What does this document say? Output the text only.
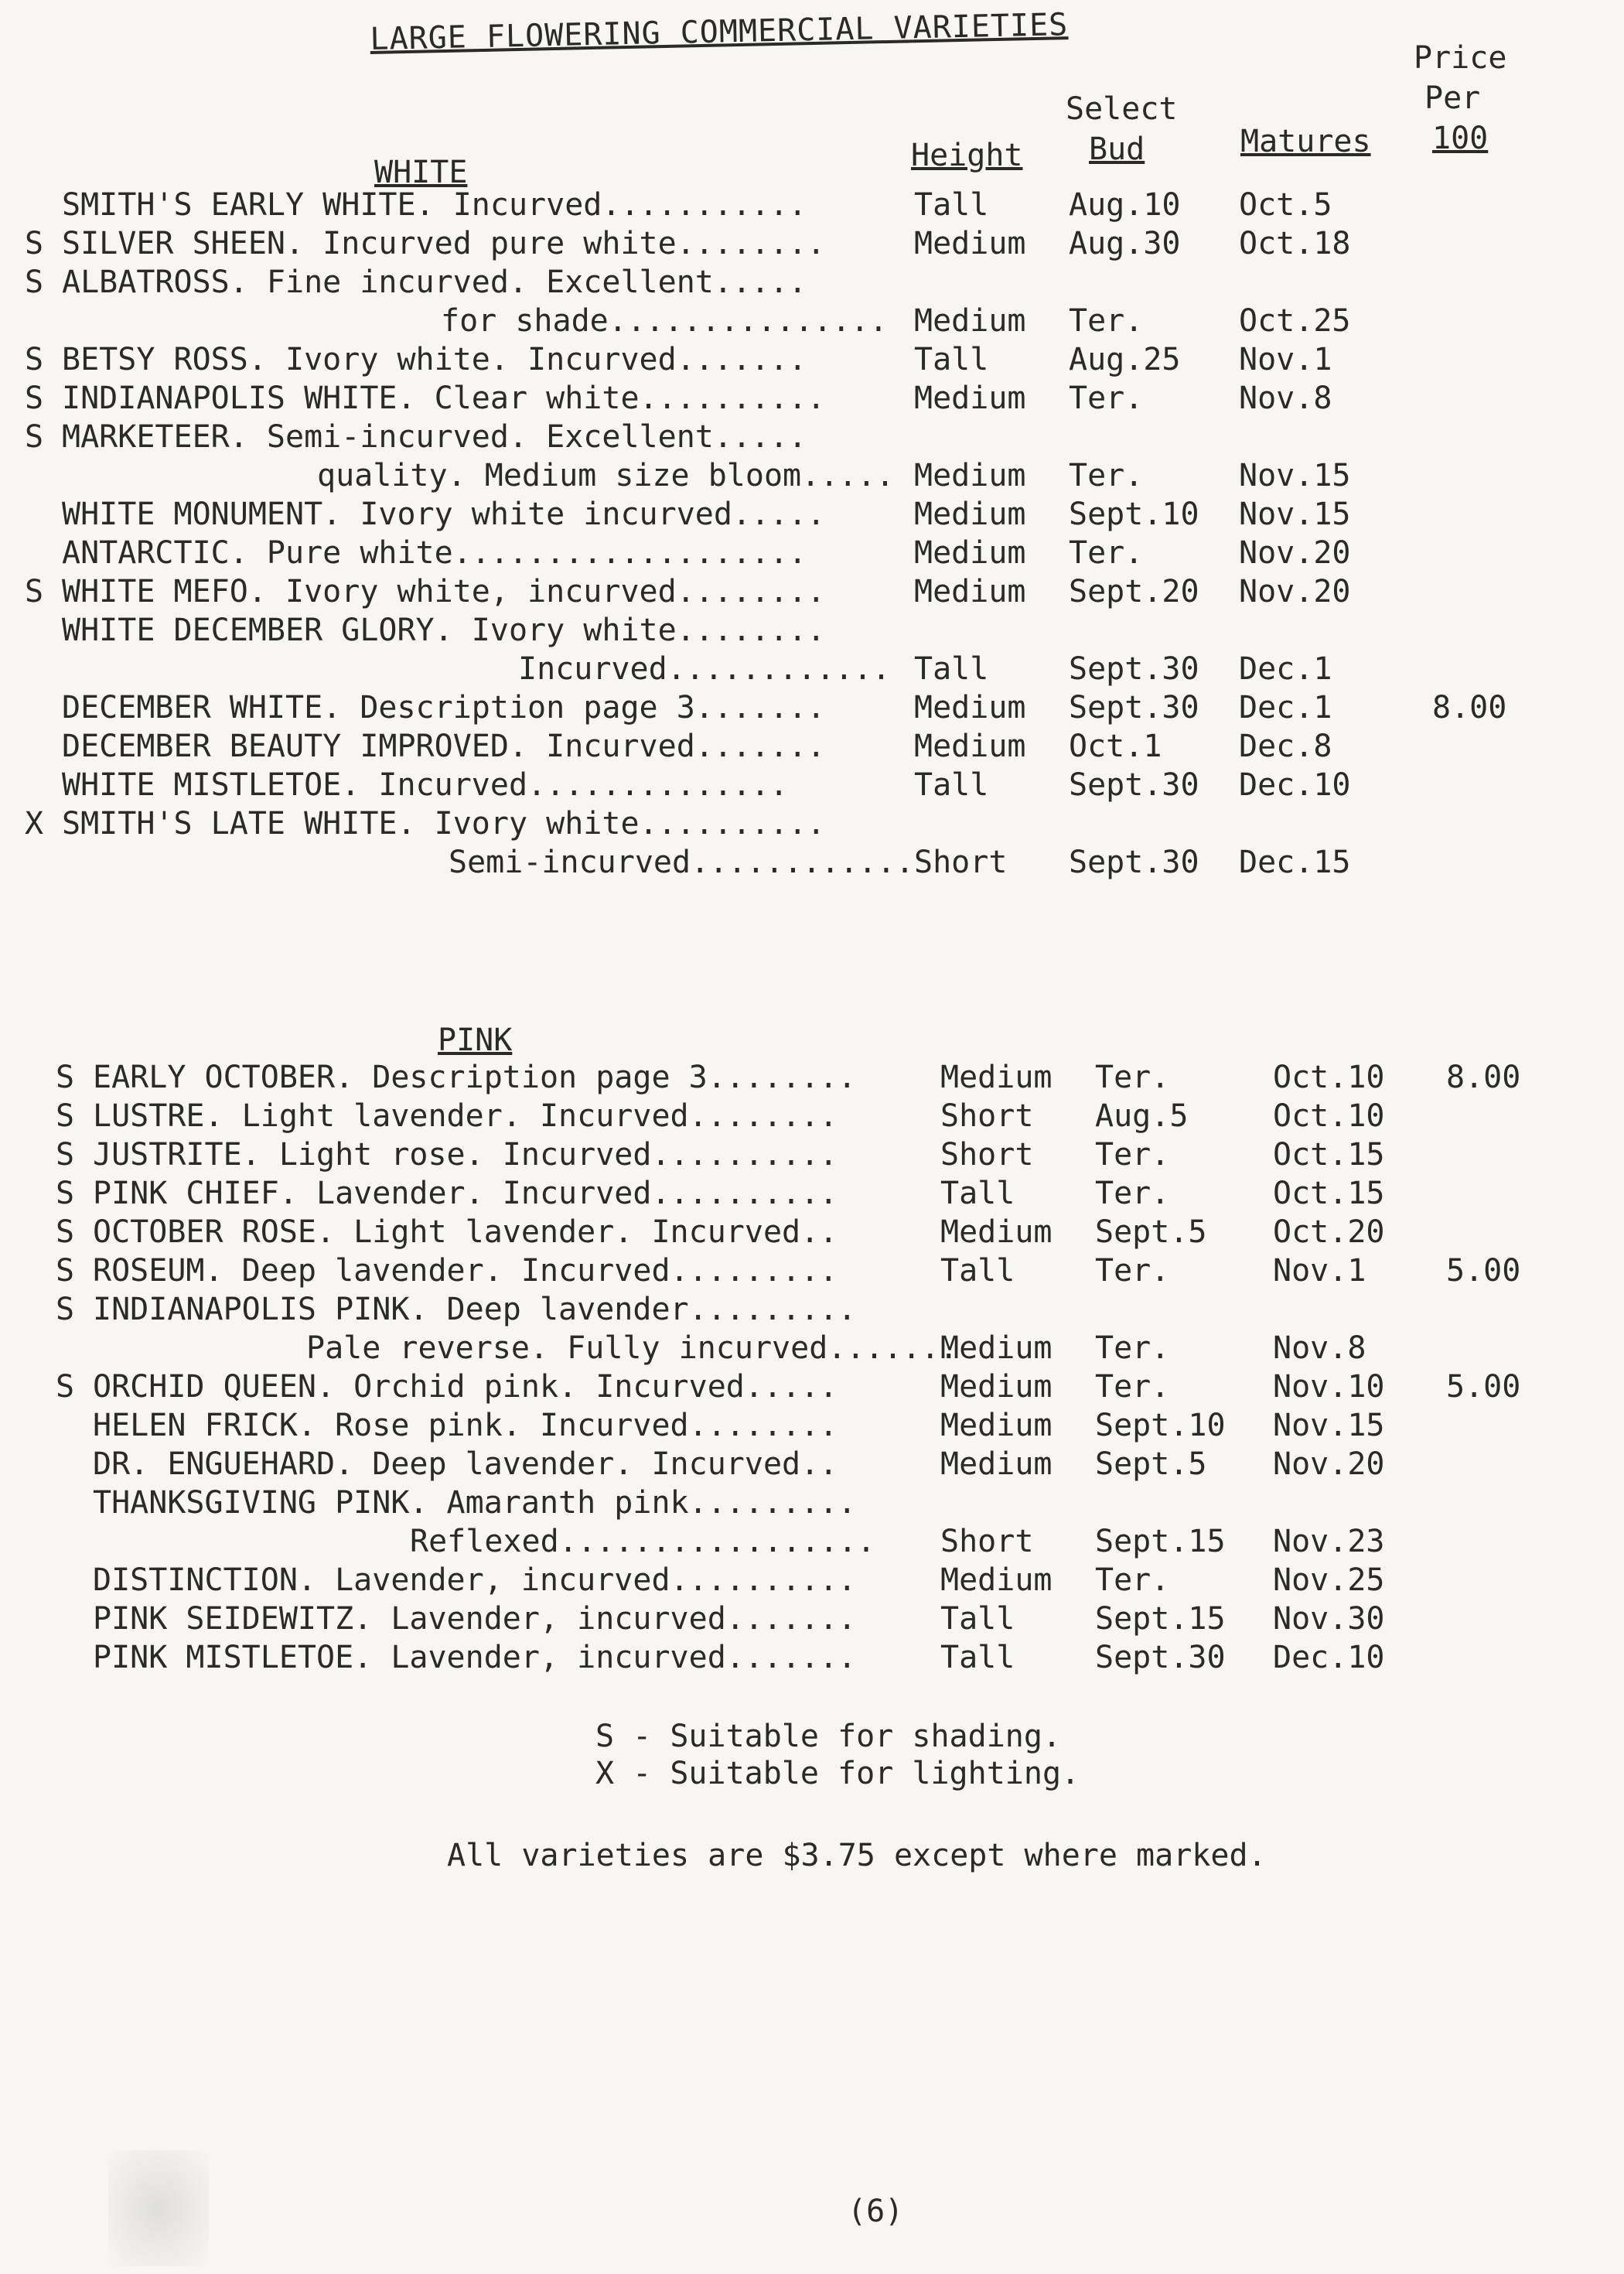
LARGE FLOWERING COMMERCIAL VARIETIES
Price
Per
100
Select
Height Bud	Matures
WHITE
SMITH'S EARLY WHITE. Incurved...........	Tall	Aug.10 Oct.5
S SILVER SHEEN. Incurved pure white........	Medium Aug.30 Oct.18
S ALBATROSS. Fine incurved. Excellent.....
for shade............... Medium Ter.	Oct.25
S BETSY ROSS. Ivory white. Incurved.......	Tall	Aug.25 Nov.1
S INDIANAPOLIS WHITE. Clear white..........	Medium Ter.	Nov.8
S MARKETEER. Semi-incurved. Excellent.....
quality. Medium size bloom..... Medium Ter.	Nov.15
WHITE MONUMENT. Ivory white incurved.....	Medium Sept.10 Nov.15
ANTARCTIC. Pure white...................	Medium Ter.	Nov.20
S WHITE MEFO. Ivory white, incurved........	Medium Sept.20 Nov.20
WHITE DECEMBER GLORY. Ivory white........
Incurved............ Tall	Sept.30 Dec.1
DECEMBER WHITE. Description page 3.......	Medium Sept.30 Dec.1	8.00
DECEMBER BEAUTY IMPROVED. Incurved.......	Medium Oct.1 Dec.8
WHITE MISTLETOE. Incurved..............	Tall	Sept.30 Dec.10
X SMITH'S LATE WHITE. Ivory white..........
Semi-incurved............ Short Sept.30 Dec.15
PINK
S EARLY OCTOBER. Description page 3........	Medium Ter.	Oct.10 8.00
S LUSTRE. Light lavender. Incurved........	Short Aug.5	Oct.10
S JUSTRITE. Light rose. Incurved..........	Short Ter.	Oct.15
S PINK CHIEF. Lavender. Incurved..........	Tall	Ter.	Oct.15
S OCTOBER ROSE. Light lavender. Incurved..	Medium Sept.5 Oct.20
S ROSEUM. Deep lavender. Incurved.........	Tall	Ter.	Nov.1	5.00
S INDIANAPOLIS PINK. Deep lavender.........
Pale reverse. Fully incurved.......
Medium Ter.	Nov.8
S ORCHID QUEEN. Orchid pink. Incurved.....	Medium Ter.	Nov.10 5.00
HELEN FRICK. Rose pink. Incurved........	Medium Sept.10 Nov.15
DR. ENGUEHARD. Deep lavender. Incurved..	Medium Sept.5 Nov.20
THANKSGIVING PINK. Amaranth pink.........
Reflexed................. Short Sept.15 Nov.23
DISTINCTION. Lavender, incurved..........	Medium Ter.	Nov.25
PINK SEIDEWITZ. Lavender, incurved.......	Tall	Sept.15 Nov.30
PINK MISTLETOE. Lavender, incurved.......	Tall	Sept.30 Dec.10
S - Suitable for shading.
X - Suitable for lighting.
All varieties are $3.75 except where marked.
(6)
